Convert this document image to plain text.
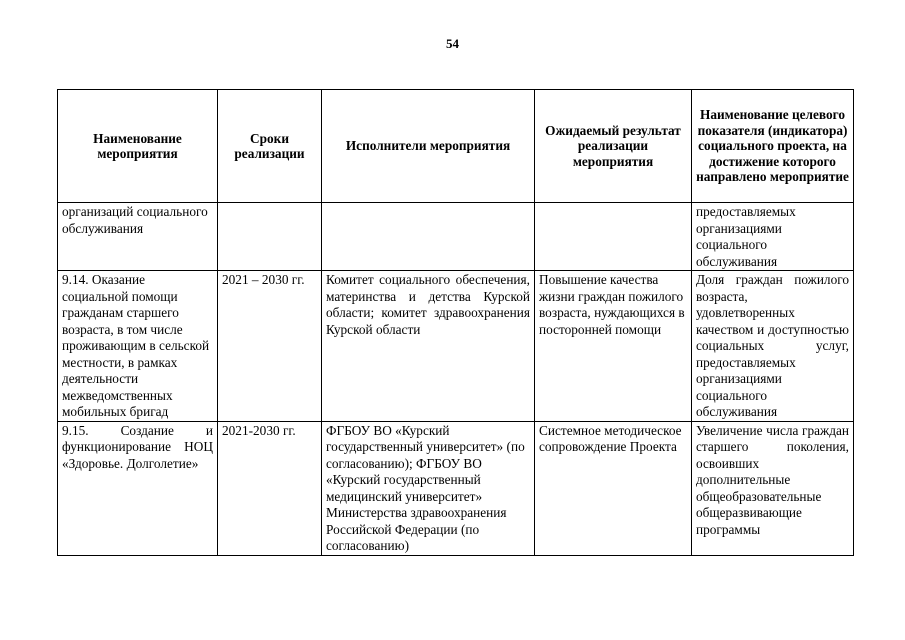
54
Наименование мероприятия	Сроки реализации	Исполнители мероприятия	Ожидаемый результат реализации мероприятия	Наименование целевого показателя (индикатора) социального проекта, на достижение которого направлено мероприятие
организаций социального обслуживания				предоставляемых организациями социального обслуживания
9.14. Оказание социальной помощи гражданам старшего возраста, в том числе проживающим в сельской местности, в рамках деятельности межведомственных мобильных бригад	2021 – 2030 гг.	Комитет социального обеспечения, материнства и детства Курской области; комитет здравоохранения Курской области	Повышение качества жизни граждан пожилого возраста, нуждающихся в посторонней помощи	Доля граждан пожилого возраста, удовлетворенных качеством и доступностью социальных услуг, предоставляемых организациями социального обслуживания
9.15. Создание и функционирование НОЦ «Здоровье. Долголетие»	2021-2030 гг.	ФГБОУ ВО «Курский государственный университет» (по согласованию); ФГБОУ ВО «Курский государственный медицинский университет» Министерства здравоохранения Российской Федерации (по согласованию)	Системное методическое сопровождение Проекта	Увеличение числа граждан старшего поколения, освоивших дополнительные общеобразовательные общеразвивающие программы
